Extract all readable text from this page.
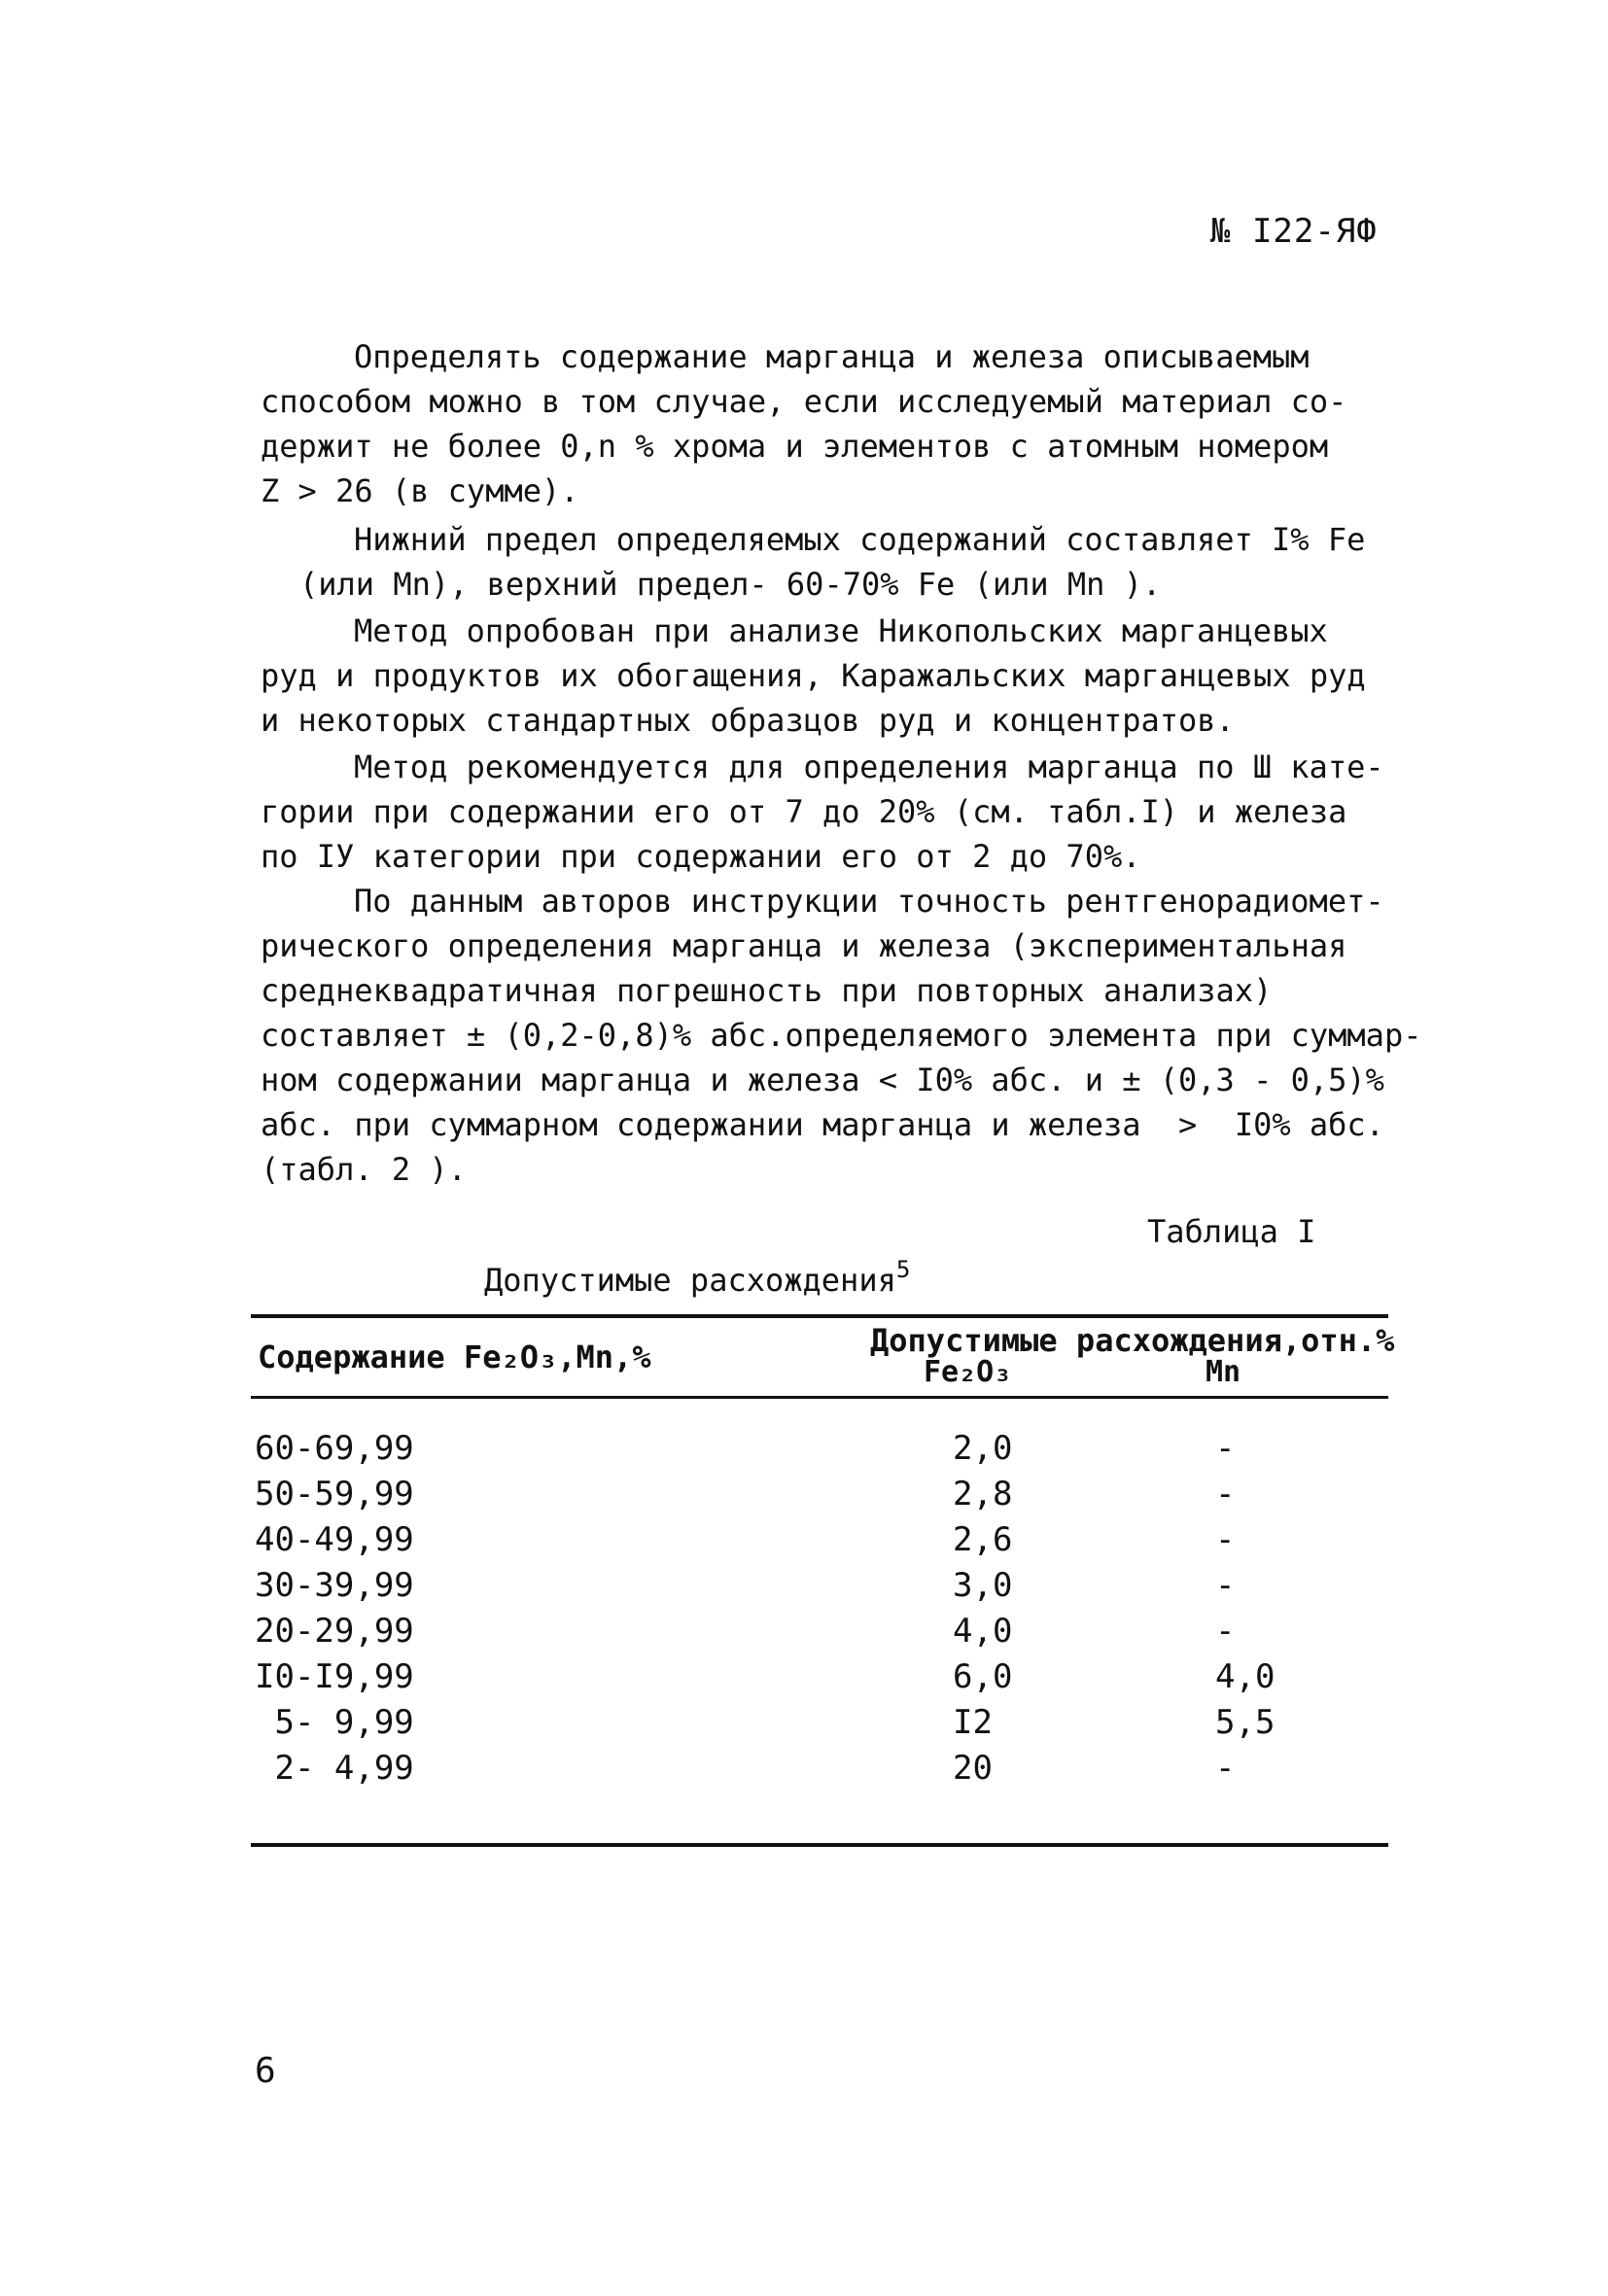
№ I22-ЯФ
Определять содержание марганца и железа описываемым
способом можно в том случае, если исследуемый материал со-
держит не более 0,n % хрома и элементов с атомным номером
Z > 26 (в сумме).
Нижний предел определяемых содержаний составляет I% Fe
(или Mn), верхний предел- 60-70% Fe (или Mn ).
Метод опробован при анализе Никопольских марганцевых
руд и продуктов их обогащения, Каражальских марганцевых руд
и некоторых стандартных образцов руд и концентратов.
Метод рекомендуется для определения марганца по Ш кате-
гории при содержании его от 7 до 20% (см. табл.I) и железа
по IУ категории при содержании его от 2 до 70%.
По данным авторов инструкции точность рентгенорадиомет-
рического определения марганца и железа (экспериментальная
среднеквадратичная погрешность при повторных анализах)
составляет ± (0,2-0,8)% абс.определяемого элемента при суммар-
ном содержании марганца и железа < I0% абс. и ± (0,3 - 0,5)%
абс. при суммарном содержании марганца и железа  >  I0% абс.
(табл. 2 ).
Таблица I
Допустимые расхождения$^5$
Содержание Fe₂O₃,Mn,%	Допустимые расхождения,отн.%
Fe₂O₃	Mn
60-69,99	2,0	-
50-59,99	2,8	-
40-49,99	2,6	-
30-39,99	3,0	-
20-29,99	4,0	-
I0-I9,99	6,0	4,0
5- 9,99	I2	5,5
2- 4,99	20	-
6
